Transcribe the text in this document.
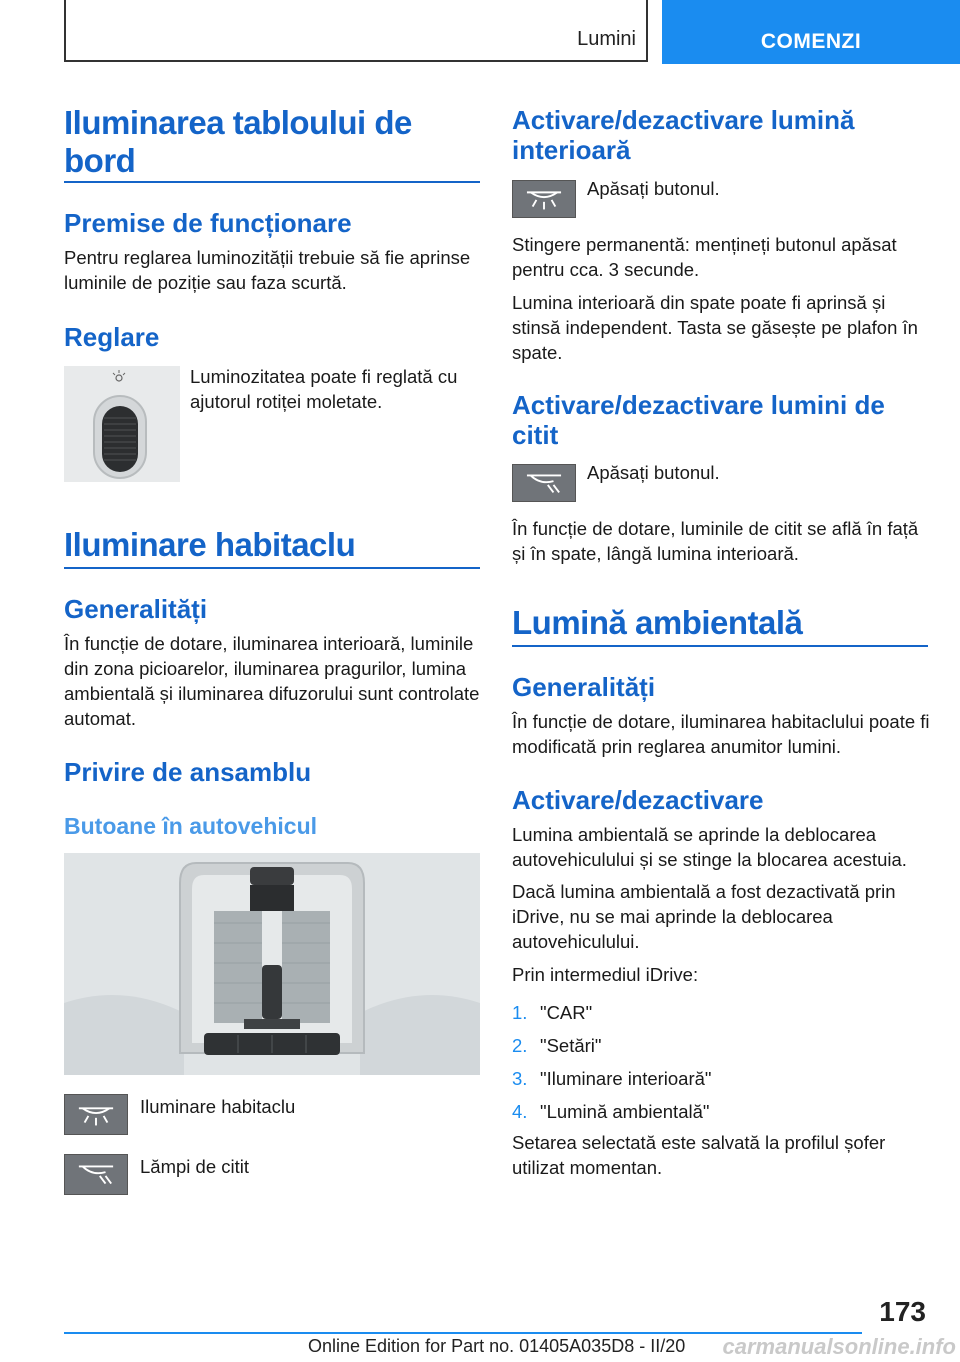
Lumini	COMENZI
Iluminarea tabloului de bord
Premise de funcționare
Pentru reglarea luminozității trebuie să fie aprinse luminile de poziție sau faza scurtă.
Reglare
Luminozitatea poate fi reglată cu ajutorul rotiței moletate.
Iluminare habitaclu
Generalități
În funcție de dotare, iluminarea interioară, luminile din zona picioarelor, iluminarea pragurilor, lumina ambientală și iluminarea difuzorului sunt controlate automat.
Privire de ansamblu
Butoane în autovehicul
Iluminare habitaclu
Lămpi de citit
Activare/dezactivare lumină interioară
Apăsați butonul.
Stingere permanentă: mențineți butonul apăsat pentru cca. 3 secunde.
Lumina interioară din spate poate fi aprinsă și stinsă independent. Tasta se găsește pe plafon în spate.
Activare/dezactivare lumini de citit
Apăsați butonul.
În funcție de dotare, luminile de citit se află în față și în spate, lângă lumina interioară.
Lumină ambientală
Generalități
În funcție de dotare, iluminarea habitaclului poate fi modificată prin reglarea anumitor lumini.
Activare/dezactivare
Lumina ambientală se aprinde la deblocarea autovehiculului și se stinge la blocarea acestuia.
Dacă lumina ambientală a fost dezactivată prin iDrive, nu se mai aprinde la deblocarea autovehiculului.
Prin intermediul iDrive:
1. "CAR"
2. "Setări"
3. "Iluminare interioară"
4. "Lumină ambientală"
Setarea selectată este salvată la profilul șofer utilizat momentan.
173
Online Edition for Part no. 01405A035D8 - II/20 carmanualsonline.info
